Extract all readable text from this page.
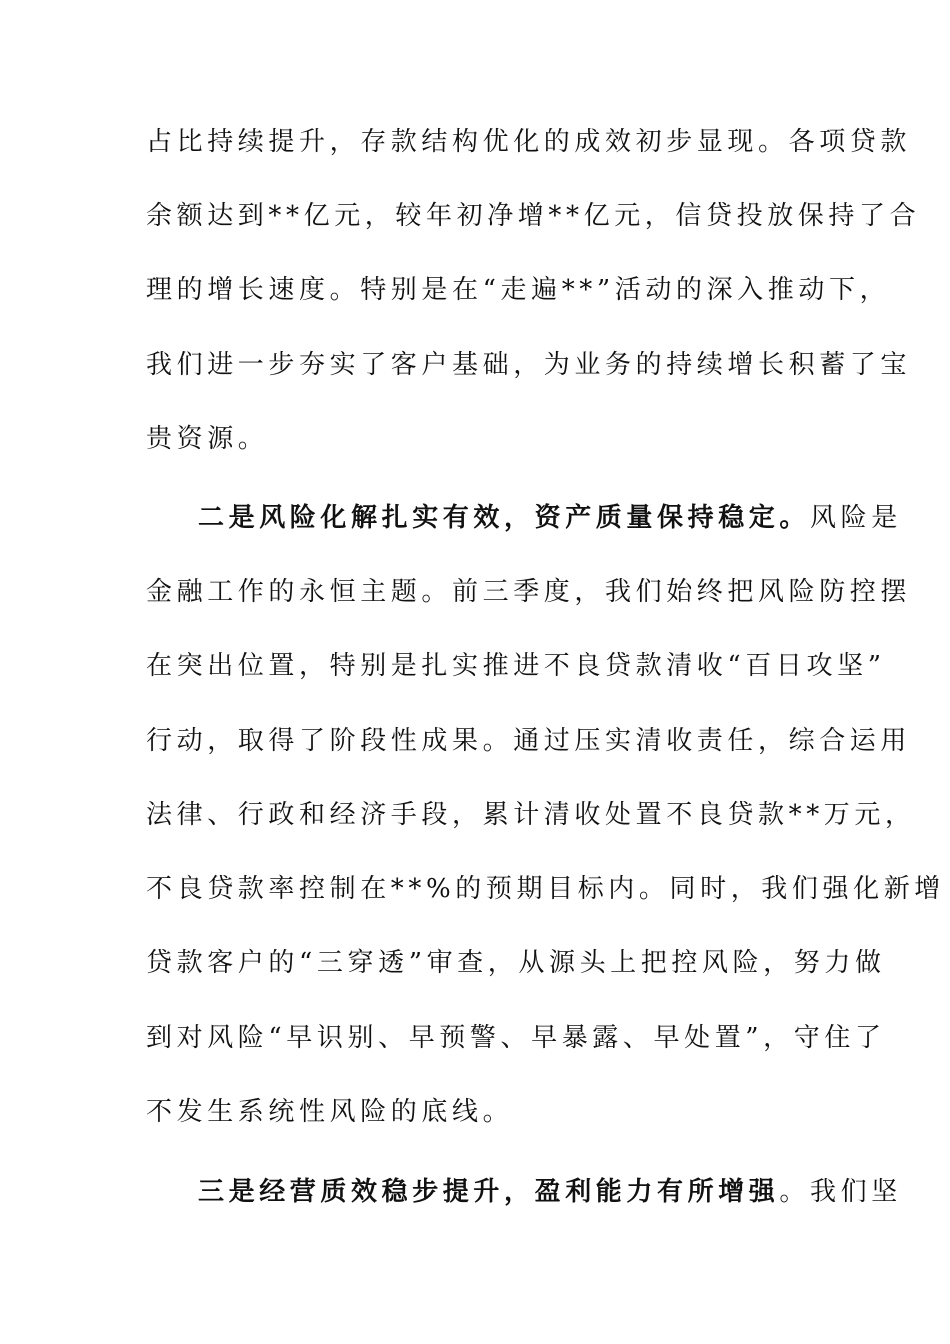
占比持续提升，存款结构优化的成效初步显现。各项贷款
余额达到**亿元，较年初净增**亿元，信贷投放保持了合
理的增长速度。特别是在“走遍**”活动的深入推动下，
我们进一步夯实了客户基础，为业务的持续增长积蓄了宝
贵资源。
二是风险化解扎实有效，资产质量保持稳定。风险是
金融工作的永恒主题。前三季度，我们始终把风险防控摆
在突出位置，特别是扎实推进不良贷款清收“百日攻坚”
行动，取得了阶段性成果。通过压实清收责任，综合运用
法律、行政和经济手段，累计清收处置不良贷款**万元，
不良贷款率控制在**%的预期目标内。同时，我们强化新增
贷款客户的“三穿透”审查，从源头上把控风险，努力做
到对风险“早识别、早预警、早暴露、早处置”，守住了
不发生系统性风险的底线。
三是经营质效稳步提升，盈利能力有所增强。我们坚
